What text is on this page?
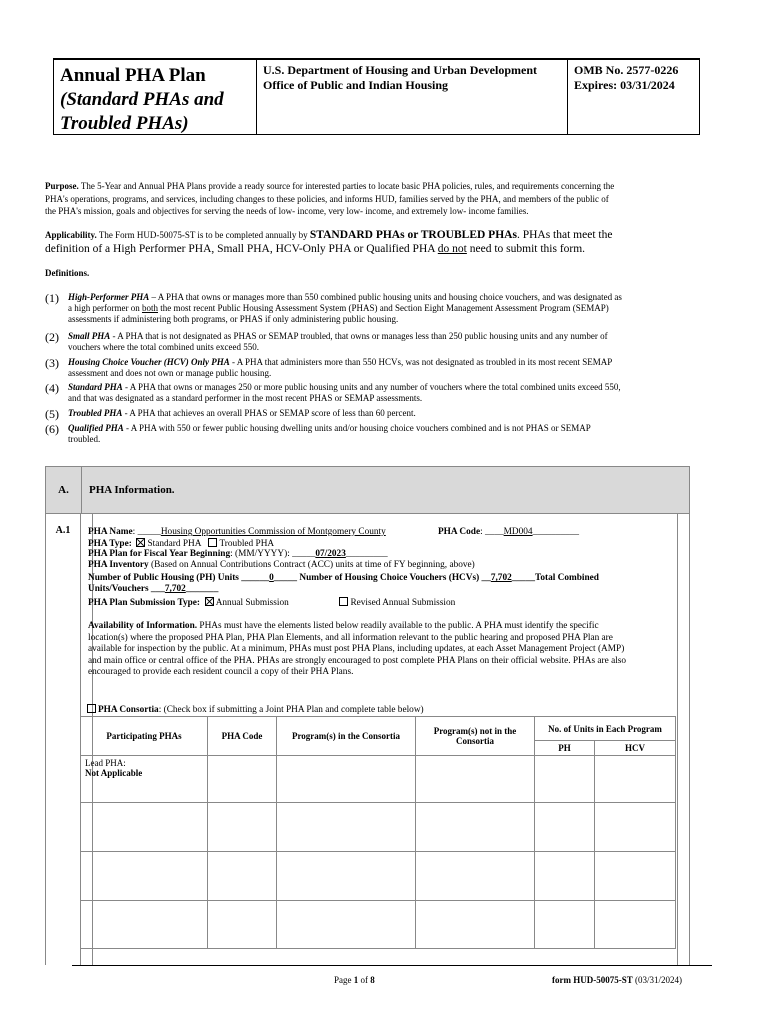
Annual PHA Plan
(Standard PHAs and
Troubled PHAs)
U.S. Department of Housing and Urban Development
Office of Public and Indian Housing
OMB No. 2577-0226
Expires: 03/31/2024
Purpose. The 5-Year and Annual PHA Plans provide a ready source for interested parties to locate basic PHA policies, rules, and requirements concerning the
PHA's operations, programs, and services, including changes to these policies, and informs HUD, families served by the PHA, and members of the public of
the PHA's mission, goals and objectives for serving the needs of low- income, very low- income, and extremely low- income families.
Applicability. The Form HUD-50075-ST is to be completed annually by STANDARD PHAs or TROUBLED PHAs. PHAs that meet the
definition of a High Performer PHA, Small PHA, HCV-Only PHA or Qualified PHA do not need to submit this form.
Definitions.
(1)	High-Performer PHA – A PHA that owns or manages more than 550 combined public housing units and housing choice vouchers, and was designated as
a high performer on both the most recent Public Housing Assessment System (PHAS) and Section Eight Management Assessment Program (SEMAP)
assessments if administering both programs, or PHAS if only administering public housing.
(2)	Small PHA - A PHA that is not designated as PHAS or SEMAP troubled, that owns or manages less than 250 public housing units and any number of
vouchers where the total combined units exceed 550.
(3)	Housing Choice Voucher (HCV) Only PHA - A PHA that administers more than 550 HCVs, was not designated as troubled in its most recent SEMAP
assessment and does not own or manage public housing.
(4)	Standard PHA - A PHA that owns or manages 250 or more public housing units and any number of vouchers where the total combined units exceed 550,
and that was designated as a standard performer in the most recent PHAS or SEMAP assessments.
(5)	Troubled PHA - A PHA that achieves an overall PHAS or SEMAP score of less than 60 percent.
(6)	Qualified PHA - A PHA with 550 or fewer public housing dwelling units and/or housing choice vouchers combined and is not PHAS or SEMAP
troubled.
A.	PHA Information.
A.1	PHA Name: _____Housing Opportunities Commission of Montgomery County	PHA Code: ____MD004__________
PHA Type: Standard PHA Troubled PHA
PHA Plan for Fiscal Year Beginning: (MM/YYYY): _____07/2023_________
PHA Inventory (Based on Annual Contributions Contract (ACC) units at time of FY beginning, above)
Number of Public Housing (PH) Units ______0_____ Number of Housing Choice Vouchers (HCVs) __7,702_____Total Combined
Units/Vouchers ___7,702_______
PHA Plan Submission Type: Annual Submission	Revised Annual Submission
Availability of Information. PHAs must have the elements listed below readily available to the public. A PHA must identify the specific
location(s) where the proposed PHA Plan, PHA Plan Elements, and all information relevant to the public hearing and proposed PHA Plan are
available for inspection by the public. At a minimum, PHAs must post PHA Plans, including updates, at each Asset Management Project (AMP)
and main office or central office of the PHA. PHAs are strongly encouraged to post complete PHA Plans on their official website. PHAs are also
encouraged to provide each resident council a copy of their PHA Plans.
PHA Consortia: (Check box if submitting a Joint PHA Plan and complete table below)
Participating PHAs	PHA Code	Program(s) in the Consortia	Program(s) not in the Consortia	No. of Units in Each Program	
				PH	HCV

Lead PHA:
Not Applicable					

Page 1 of 8	form HUD-50075-ST (03/31/2024)
